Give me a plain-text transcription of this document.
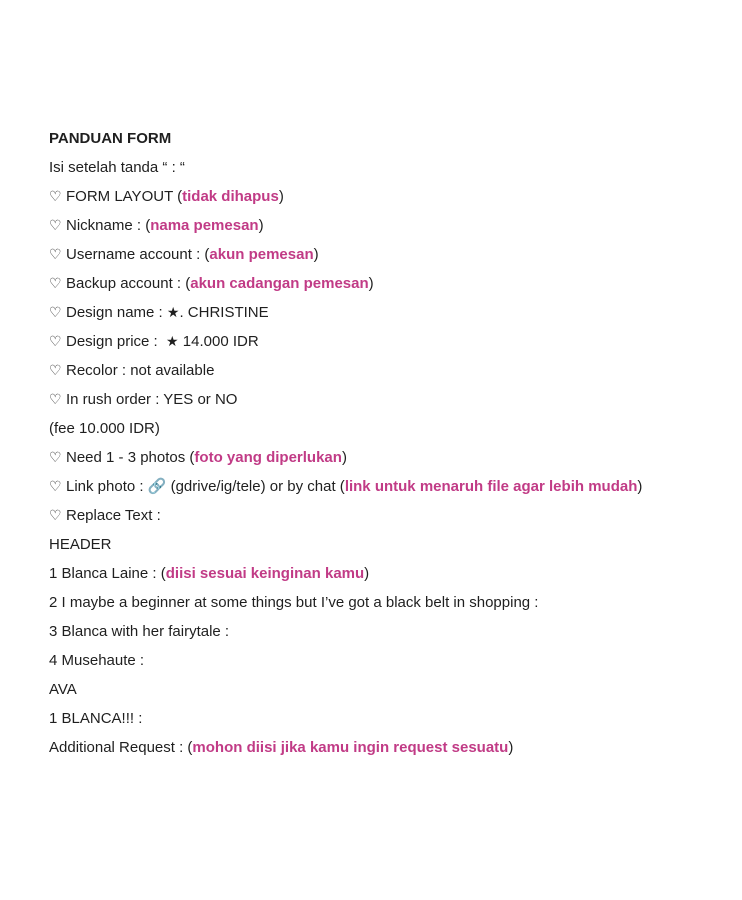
PANDUAN FORM
Isi setelah tanda “ : “
♡ FORM LAYOUT (tidak dihapus)
♡ Nickname : (nama pemesan)
♡ Username account : (akun pemesan)
♡ Backup account : (akun cadangan pemesan)
♡ Design name : ★. CHRISTINE
♡ Design price :  ★ 14.000 IDR
♡ Recolor : not available
♡ In rush order : YES or NO
(fee 10.000 IDR)
♡ Need 1 - 3 photos (foto yang diperlukan)
♡ Link photo : 🔗 (gdrive/ig/tele) or by chat (link untuk menaruh file agar lebih mudah)
♡ Replace Text :
HEADER
1 Blanca Laine : (diisi sesuai keinginan kamu)
2 I maybe a beginner at some things but I’ve got a black belt in shopping :
3 Blanca with her fairytale :
4 Musehaute :
AVA
1 BLANCA!!! :
Additional Request : (mohon diisi jika kamu ingin request sesuatu)
